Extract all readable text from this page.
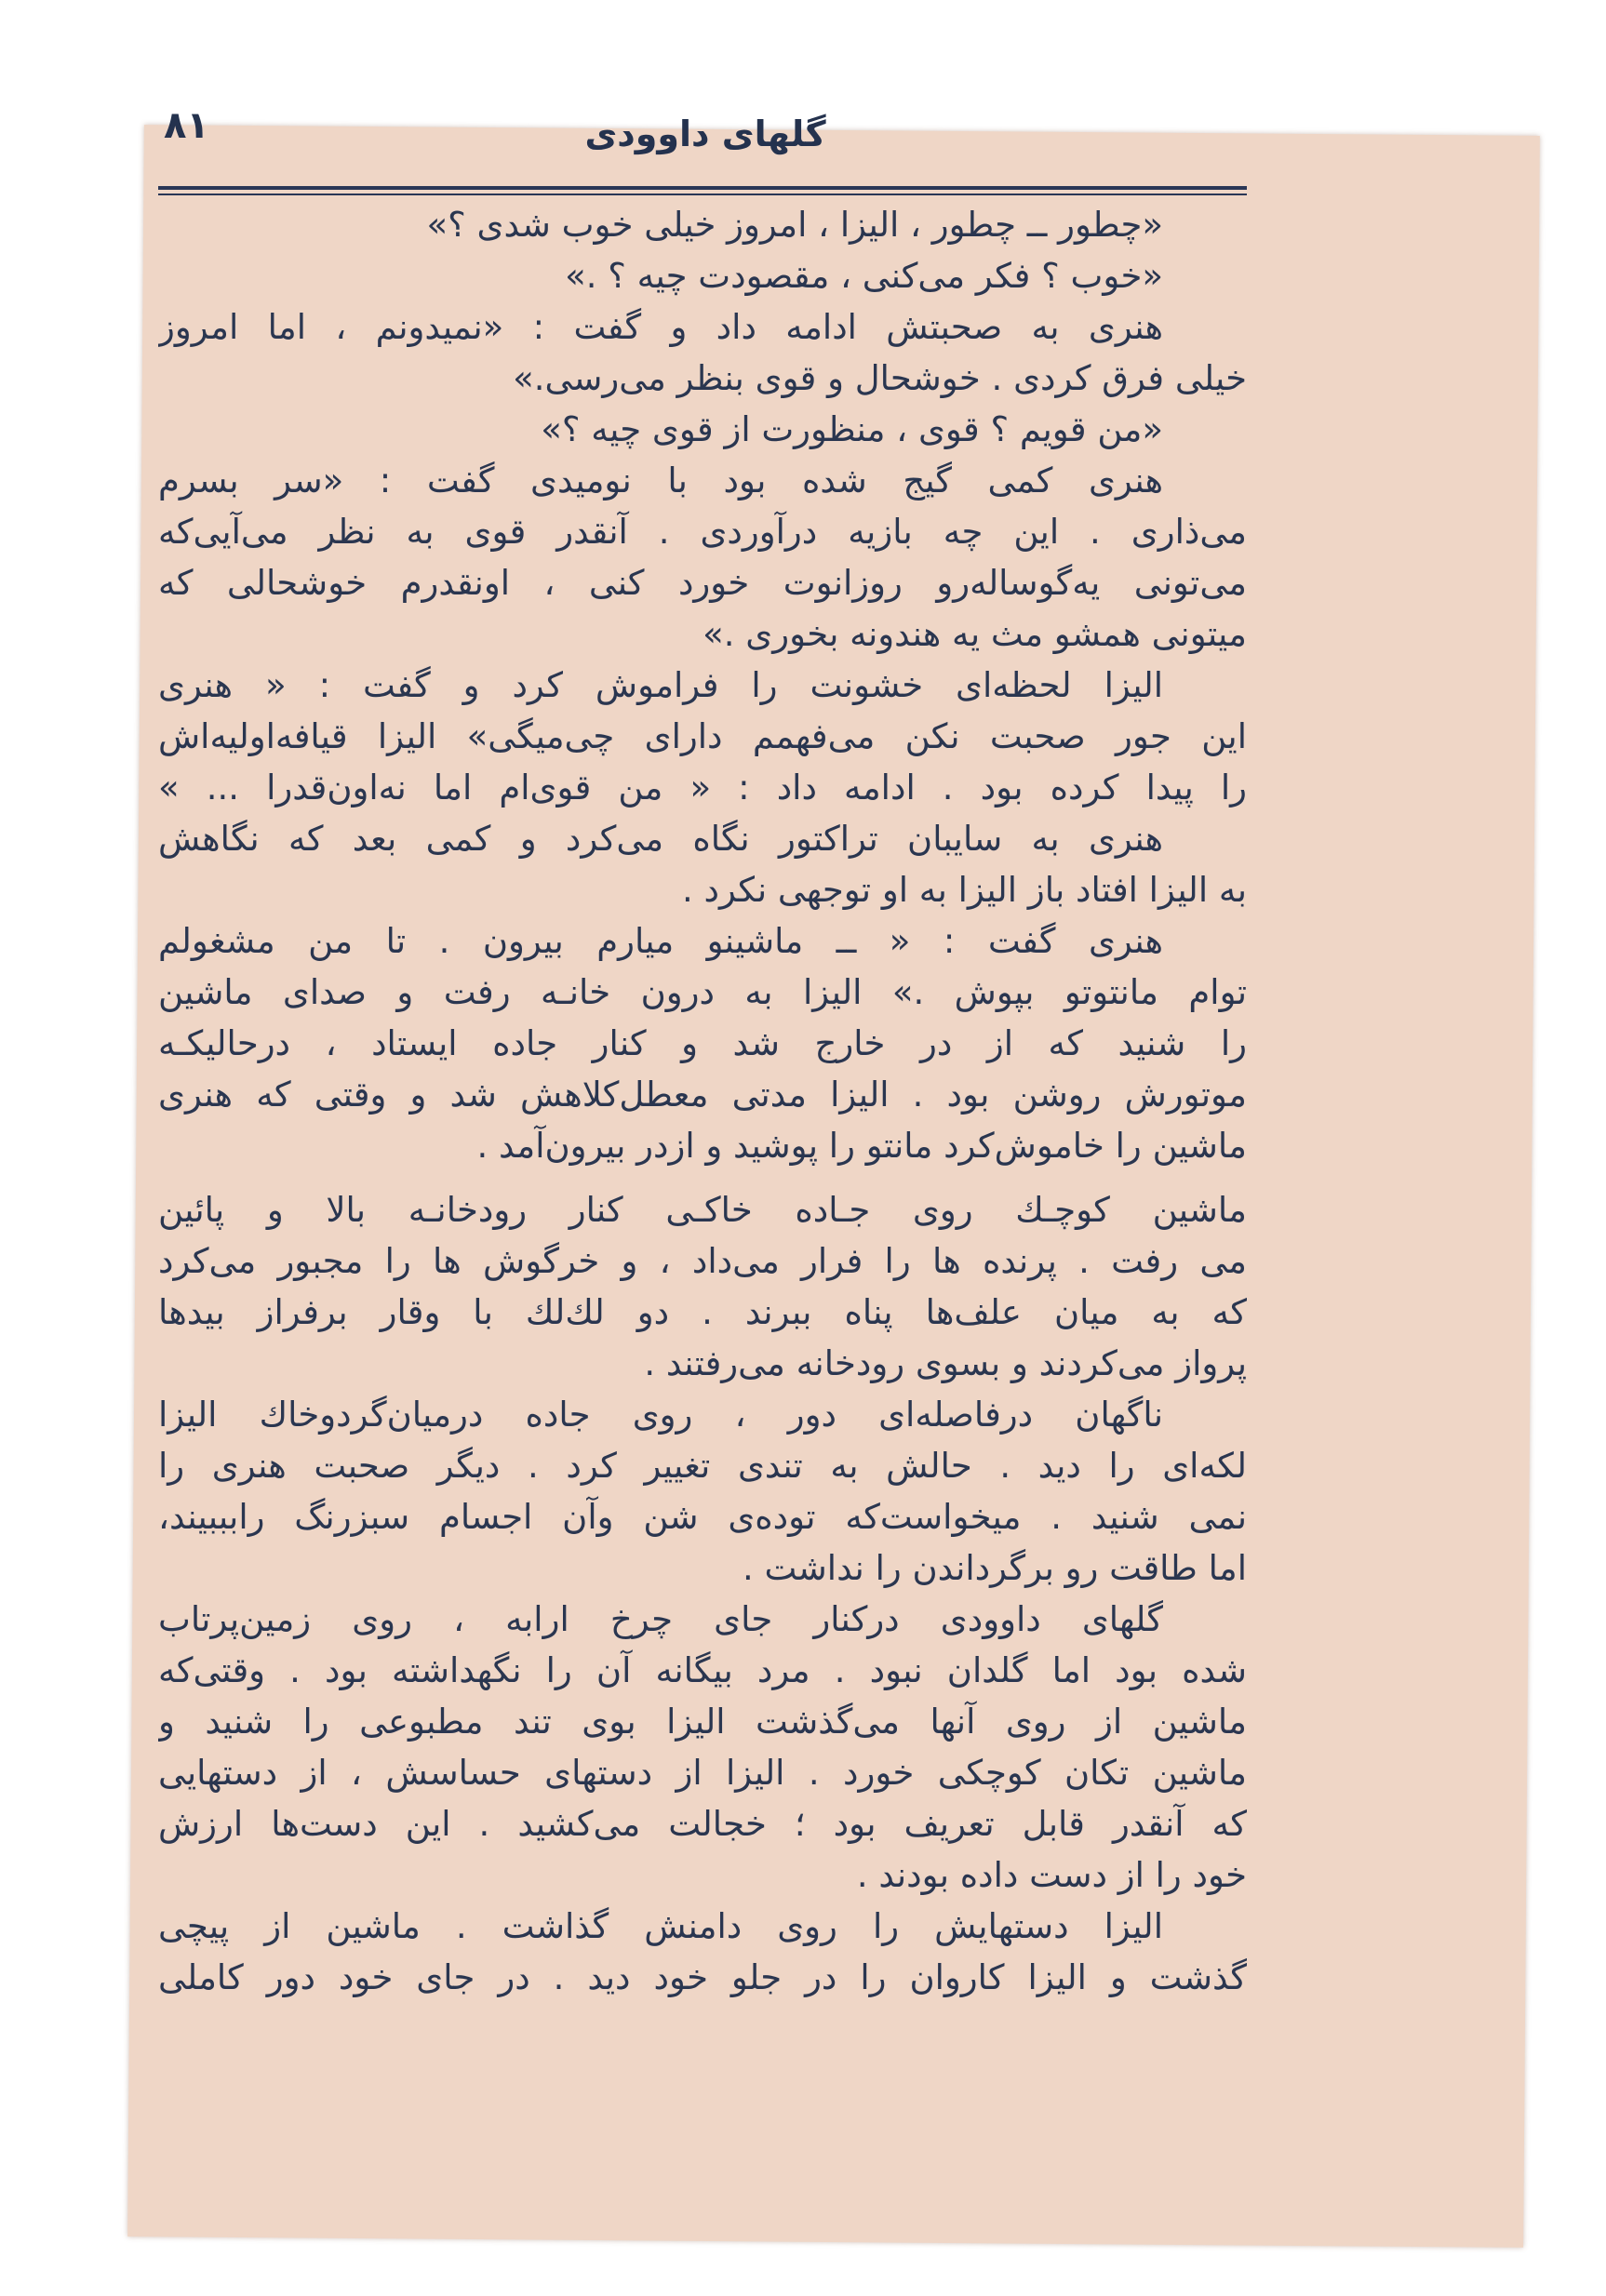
۸۱	گلهای داوودی
«چطور ــ چطور ، الیزا ، امروز خیلی خوب شدی ؟»
«خوب ؟ فکر می‌کنی ، مقصودت چیه ؟ .»
هنری به صحبتش ادامه داد و گفت : «نمیدونم ، اما امروز
خیلی فرق کردی . خوشحال و قوی بنظر می‌رسی.»
«من قویم ؟ قوی ، منظورت از قوی چیه ؟»
هنری کمی گیج شده بود با نومیدی گفت : «سر بسرم
می‌ذاری . این چه بازیه درآوردی . آنقدر قوی به نظر می‌آیی‌که
می‌تونی یه‌گوساله‌رو روزانوت خورد کنی ، اونقدرم خوشحالی که
میتونی همشو مث یه هندونه بخوری .»
الیزا لحظه‌ای خشونت را فراموش کرد و گفت : « هنری
این جور صحبت نکن می‌فهمم دارای چی‌میگی» الیزا قیافه‌اولیه‌اش
را پیدا کرده بود . ادامه داد : « من قوی‌ام اما نه‌اون‌قدرا ... »
هنری به سایبان تراکتور نگاه می‌کرد و کمی بعد که نگاهش
به الیزا افتاد باز الیزا به او توجهی نکرد .
هنری گفت : « ــ ماشینو میارم بیرون . تا من مشغولم
توام مانتوتو بپوش .» الیزا به درون خانـه رفت و صدای ماشین
را شنید که از در خارج شد و کنار جاده ایستاد ، درحالیکـه
موتورش روشن بود . الیزا مدتی معطل‌کلاهش شد و وقتی که هنری
ماشین را خاموش‌کرد مانتو را پوشید و ازدر بیرون‌آمد .
ماشین کوچـك روی جـاده خاکـی کنار رودخانـه بالا و پائین
می رفت . پرنده ها را فرار می‌داد ، و خرگوش ها را مجبور می‌کرد
که به میان علف‌ها پناه ببرند . دو لك‌لك با وقار برفراز بیدها
پرواز می‌کردند و بسوی رودخانه می‌رفتند .
ناگهان درفاصله‌ای دور ، روی جاده درمیان‌گردوخاك الیزا
لکه‌ای را دید . حالش به تندی تغییر کرد . دیگر صحبت هنری را
نمی شنید . میخواست‌که توده‌ی شن وآن اجسام سبزرنگ رابببیند،
اما طاقت رو برگرداندن را نداشت .
گلهای داوودی درکنار جای چرخ ارابه ، روی زمین‌پرتاب
شده بود اما گلدان نبود . مرد بیگانه آن را نگهداشته بود . وقتی‌که
ماشین از روی آنها می‌گذشت الیزا بوی تند مطبوعی را شنید و
ماشین تکان کوچکی خورد . الیزا از دستهای حساسش ، از دستهایی
که آنقدر قابل تعریف بود ؛ خجالت می‌کشید . این دست‌ها ارزش
خود را از دست داده بودند .
الیزا دستهایش را روی دامنش گذاشت . ماشین از پیچی
گذشت و الیزا کاروان را در جلو خود دید . در جای خود دور کاملی
